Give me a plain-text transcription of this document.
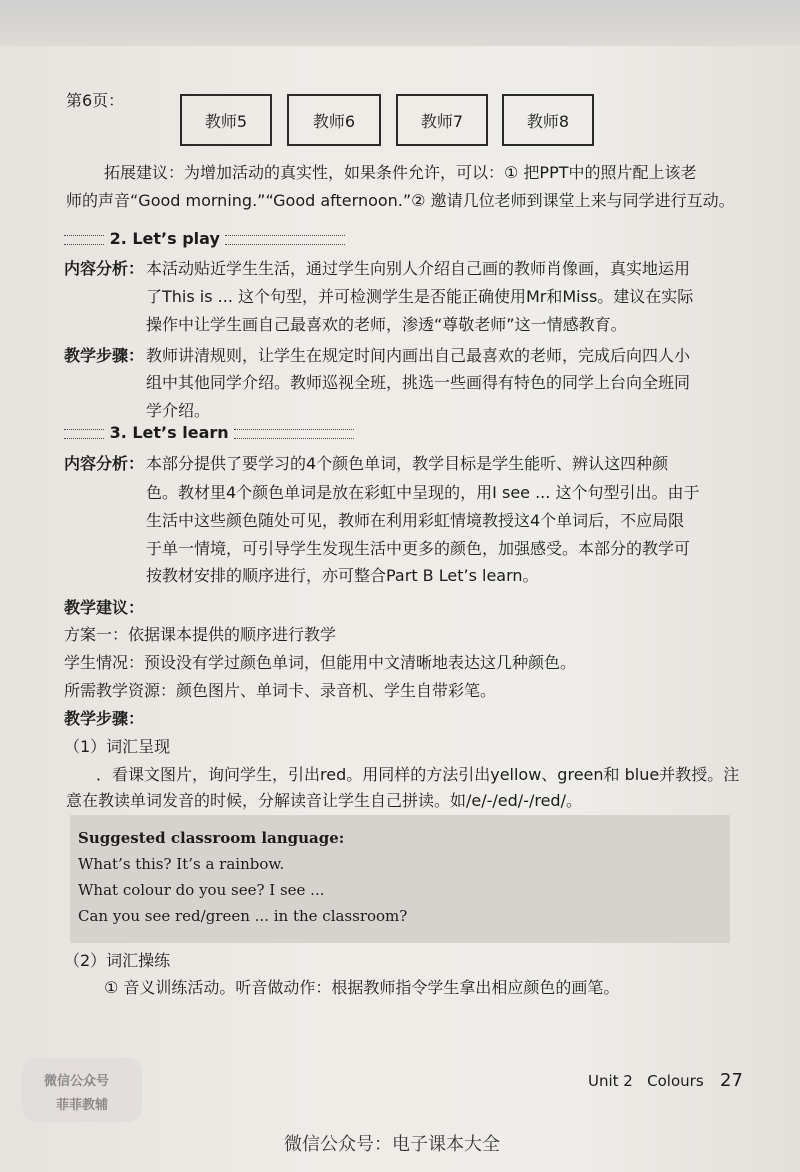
第6页：
教师5	教师6	教师7	教师8
拓展建议：为增加活动的真实性，如果条件允许，可以：① 把PPT中的照片配上该老
师的声音“Good morning.”“Good afternoon.”② 邀请几位老师到课堂上来与同学进行互动。
2. Let’s play
内容分析： 本活动贴近学生生活，通过学生向别人介绍自己画的教师肖像画，真实地运用
了This is ... 这个句型，并可检测学生是否能正确使用Mr和Miss。建议在实际
操作中让学生画自己最喜欢的老师，渗透“尊敬老师”这一情感教育。
教学步骤： 教师讲清规则，让学生在规定时间内画出自己最喜欢的老师，完成后向四人小
组中其他同学介绍。教师巡视全班，挑选一些画得有特色的同学上台向全班同
学介绍。
3. Let’s learn
内容分析： 本部分提供了要学习的4个颜色单词，教学目标是学生能听、辨认这四种颜
色。教材里4个颜色单词是放在彩虹中呈现的，用I see ... 这个句型引出。由于
生活中这些颜色随处可见，教师在利用彩虹情境教授这4个单词后，不应局限
于单一情境，可引导学生发现生活中更多的颜色，加强感受。本部分的教学可
按教材安排的顺序进行，亦可整合Part B Let’s learn。
教学建议：
方案一：依据课本提供的顺序进行教学
学生情况：预设没有学过颜色单词，但能用中文清晰地表达这几种颜色。
所需教学资源：颜色图片、单词卡、录音机、学生自带彩笔。
教学步骤：
（1）词汇呈现
．看课文图片，询问学生，引出red。用同样的方法引出yellow、green和 blue并教授。注
意在教读单词发音的时候，分解读音让学生自己拼读。如/e/-/ed/-/red/。
Suggested classroom language:
What’s this? It’s a rainbow.
What colour do you see? I see ...
Can you see red/green ... in the classroom?
（2）词汇操练
① 音义训练活动。听音做动作：根据教师指令学生拿出相应颜色的画笔。
微信公众号
菲菲教辅
Unit 2   Colours 27
微信公众号：电子课本大全
